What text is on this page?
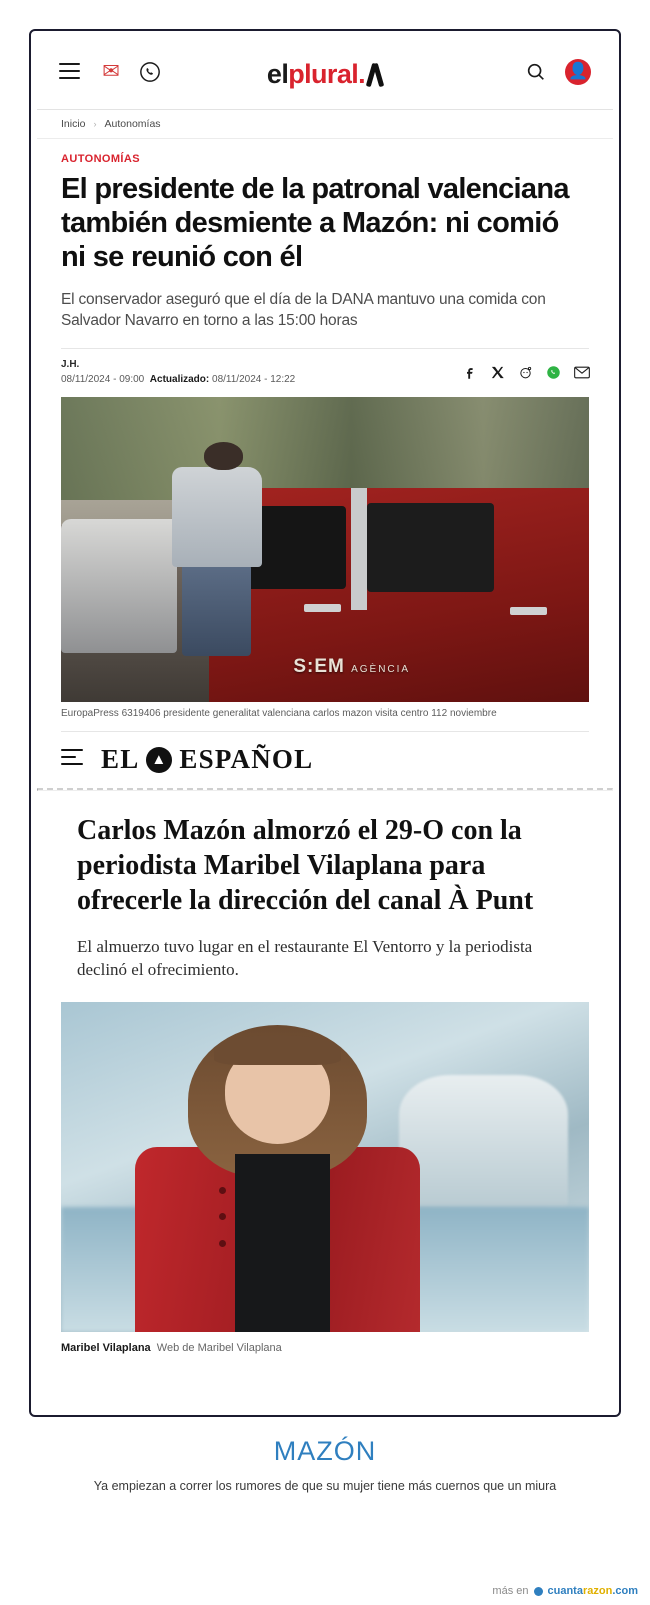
✉	elplural.	👤
Inicio › Autonomías
AUTONOMÍAS
El presidente de la patronal valenciana también desmiente a Mazón: ni comió ni se reunió con él

El conservador aseguró que el día de la DANA mantuvo una comida con Salvador Navarro en torno a las 15:00 horas

J.H.
08/11/2024 - 09:00 Actualizado: 08/11/2024 - 12:22
S:EM AGÈNCIA
EuropaPress 6319406 presidente generalitat valenciana carlos mazon visita centro 112 noviembre
EL ▲ ESPAÑOL
Carlos Mazón almorzó el 29-O con la periodista Maribel Vilaplana para ofrecerle la dirección del canal À Punt

El almuerzo tuvo lugar en el restaurante El Ventorro y la periodista declinó el ofrecimiento.

Maribel Vilaplana Web de Maribel Vilaplana
MAZÓN
Ya empiezan a correr los rumores de que su mujer tiene más cuernos que un miura
más en cuantarazon.com
